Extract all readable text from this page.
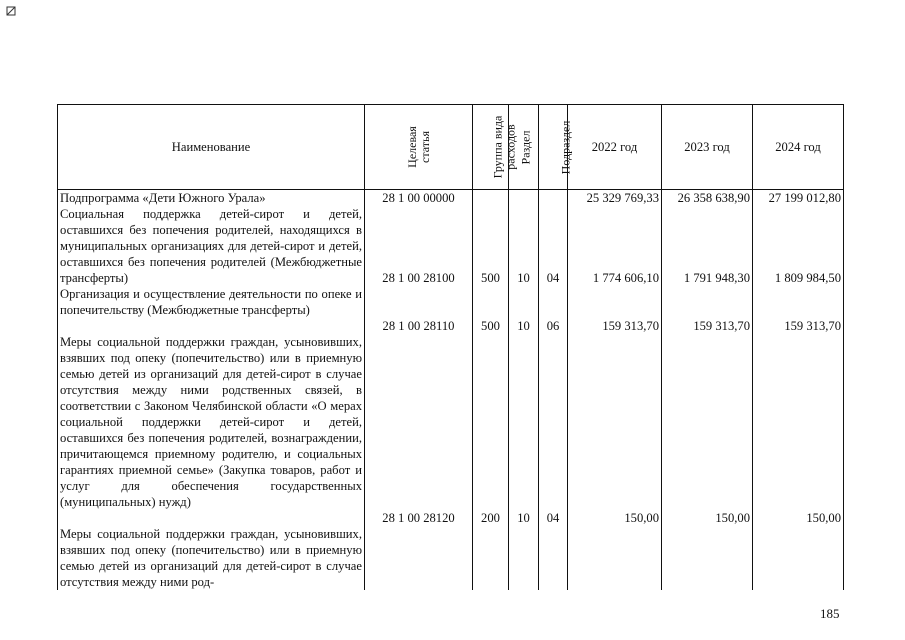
Наименование	Целевая статья	Группа вида расходов	Раздел	Подраздел	2022 год	2023 год	2024 год
Подпрограмма «Дети Южного Урала»	28 1 00 00000				25 329 769,33	26 358 638,90	27 199 012,80
Социальная поддержка детей-сирот и детей, оставшихся без попечения родителей, находящихся в муниципальных организациях для детей-сирот и детей, оставшихся без попечения родителей (Межбюджетные трансферты)	28 1 00 28100	500	10	04	1 774 606,10	1 791 948,30	1 809 984,50
Организация и осуществление деятельности по опеке и попечительству (Межбюджетные трансферты)	28 1 00 28110	500	10	06	159 313,70	159 313,70	159 313,70
Меры социальной поддержки граждан, усыновивших, взявших под опеку (попечительство) или в приемную семью детей из организаций для детей-сирот в случае отсутствия между ними родственных связей, в соответствии с Законом Челябинской области «О мерах социальной поддержки детей-сирот и детей, оставшихся без попечения родителей, вознаграждении, причитающемся приемному родителю, и социальных гарантиях приемной семье» (Закупка товаров, работ и услуг для обеспечения государственных (муниципальных) нужд)	28 1 00 28120	200	10	04	150,00	150,00	150,00
Меры социальной поддержки граждан, усыновивших, взявших под опеку (попечительство) или в приемную семью детей из организаций для детей-сирот в случае отсутствия между ними род-							
185
